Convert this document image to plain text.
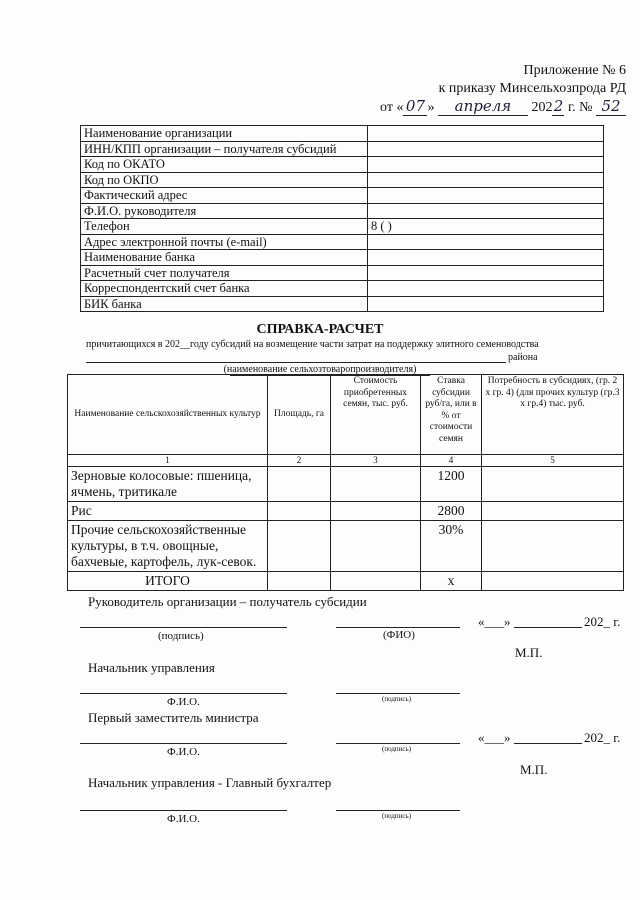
Приложение № 6
к приказу Минсельхозпрода РД
от « 07 » апреля 2022 г. № 52
Наименование организации	
ИНН/КПП организации – получателя субсидий	
Код по ОКАТО	
Код по ОКПО	
Фактический адрес	
Ф.И.О. руководителя	
Телефон	8 ( )
Адрес электронной почты (e-mail)	
Наименование банка	
Расчетный счет получателя	
Корреспондентский счет банка	
БИК банка	
СПРАВКА-РАСЧЕТ
причитающихся в 202__году субсидий на возмещение части затрат на поддержку элитного семеноводства
района
(наименование сельхозтоваропроизводителя)
Наименование сельскохозяйственных культур	Площадь, га	Стоимость приобретенных семян, тыс. руб.	Ставка субсидии руб/га, или в % от стоимости семян	Потребность в субсидиях, (гр. 2 х гр. 4) (для прочих культур (гр.3 х гр.4) тыс. руб.
1	2	3	4	5
Зерновые колосовые: пшеница, ячмень, тритикале			1200	
Рис			2800	
Прочие сельскохозяйственные культуры, в т.ч. овощные, бахчевые, картофель, лук-севок.			30%	
ИТОГО			х	
Руководитель организации – получатель субсидии
«___»	202_ г.
(подпись)	(ФИО)
М.П.
Начальник управления
Ф.И.О.	(подпись)
Первый заместитель министра
«___»	202_ г.
Ф.И.О.	(подпись)
М.П.
Начальник управления - Главный бухгалтер
Ф.И.О.	(подпись)
